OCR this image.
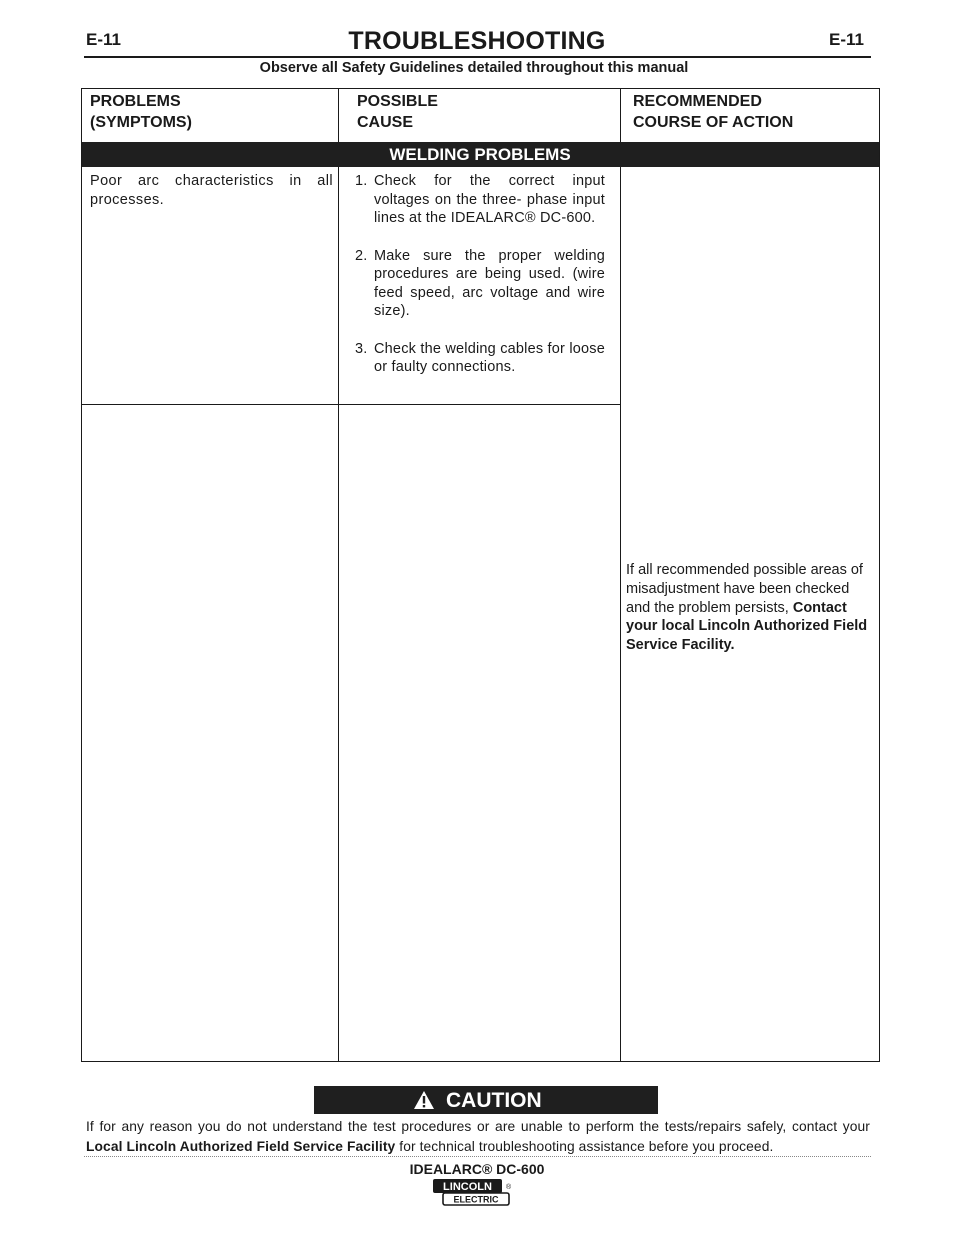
E-11	TROUBLESHOOTING	E-11
Observe all Safety Guidelines detailed throughout this manual
PROBLEMS
(SYMPTOMS)
POSSIBLE
CAUSE
RECOMMENDED
COURSE OF ACTION
WELDING PROBLEMS
Poor arc characteristics in all processes.
1. Check for the correct input voltages on the three- phase input lines at the IDEALARC® DC-600.
2. Make sure the proper welding procedures are being used. (wire feed speed, arc voltage and wire size).
3. Check the welding cables for loose or faulty connections.
If all recommended possible areas of misadjustment have been checked and the problem persists, Contact your local Lincoln Authorized Field Service Facility.
CAUTION
If for any reason you do not understand the test procedures or are unable to perform the tests/repairs safely, contact your Local Lincoln Authorized Field Service Facility for technical troubleshooting assistance before you proceed.
IDEALARC® DC-600
LINCOLN
ELECTRIC
®
